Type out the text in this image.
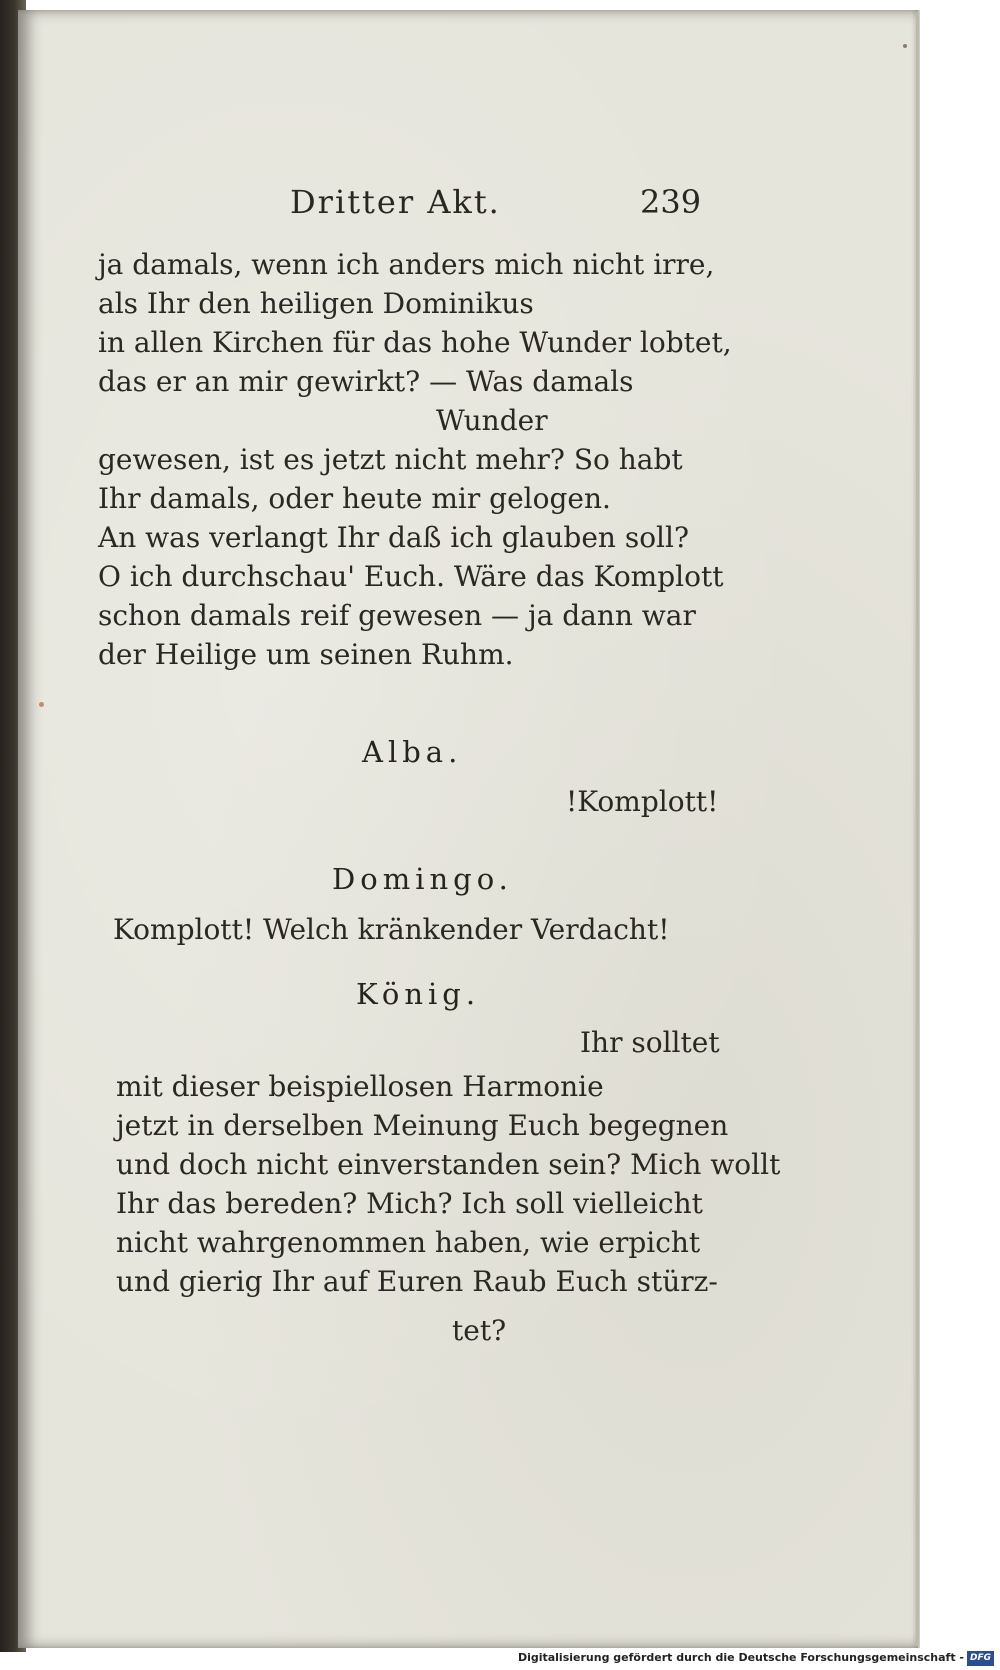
Dritter Akt.	239
ja damals, wenn ich anders mich nicht irre,
als Ihr den heiligen Dominikus
in allen Kirchen für das hohe Wunder lobtet,
das er an mir gewirkt? — Was damals
Wunder
gewesen, ist es jetzt nicht mehr? So habt
Ihr damals, oder heute mir gelogen.
An was verlangt Ihr daß ich glauben soll?
O ich durchschau' Euch. Wäre das Komplott
schon damals reif gewesen — ja dann war
der Heilige um seinen Ruhm.
Alba.
!Komplott!
Domingo.
Komplott! Welch kränkender Verdacht!
König.
Ihr solltet
mit dieser beispiellosen Harmonie
jetzt in derselben Meinung Euch begegnen
und doch nicht einverstanden sein? Mich wollt
Ihr das bereden? Mich? Ich soll vielleicht
nicht wahrgenommen haben, wie erpicht
und gierig Ihr auf Euren Raub Euch stürz-
tet?
Digitalisierung gefördert durch die Deutsche Forschungsgemeinschaft - DFG
